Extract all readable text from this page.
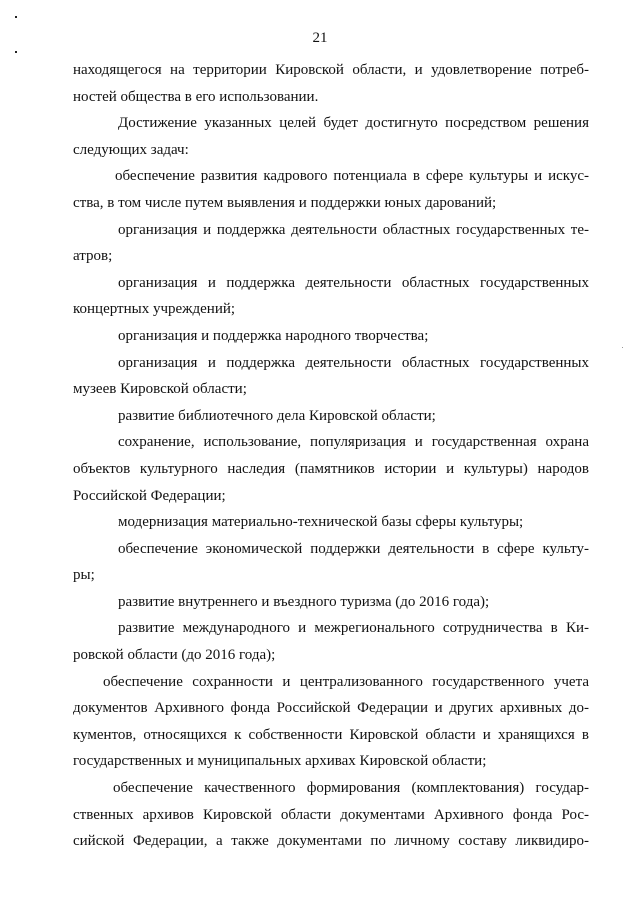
21
находящегося на территории Кировской области, и удовлетворение потреб-
ностей общества в его использовании.
Достижение указанных целей будет достигнуто посредством решения
следующих задач:
обеспечение развития кадрового потенциала в сфере культуры и искус-
ства, в том числе путем выявления и поддержки юных дарований;
организация и поддержка деятельности областных государственных те-
атров;
организация и поддержка деятельности областных государственных
концертных учреждений;
организация и поддержка народного творчества;
организация и поддержка деятельности областных государственных
музеев Кировской области;
развитие библиотечного дела Кировской области;
сохранение, использование, популяризация и государственная охрана
объектов культурного наследия (памятников истории и культуры) народов
Российской Федерации;
модернизация материально-технической базы сферы культуры;
обеспечение экономической поддержки деятельности в сфере культу-
ры;
развитие внутреннего и въездного туризма (до 2016 года);
развитие международного и межрегионального сотрудничества в Ки-
ровской области (до 2016 года);
обеспечение сохранности и централизованного государственного учета
документов Архивного фонда Российской Федерации и других архивных до-
кументов, относящихся к собственности Кировской области и хранящихся в
государственных и муниципальных архивах Кировской области;
обеспечение качественного формирования (комплектования) государ-
ственных архивов Кировской области документами Архивного фонда Рос-
сийской Федерации, а также документами по личному составу ликвидиро-
